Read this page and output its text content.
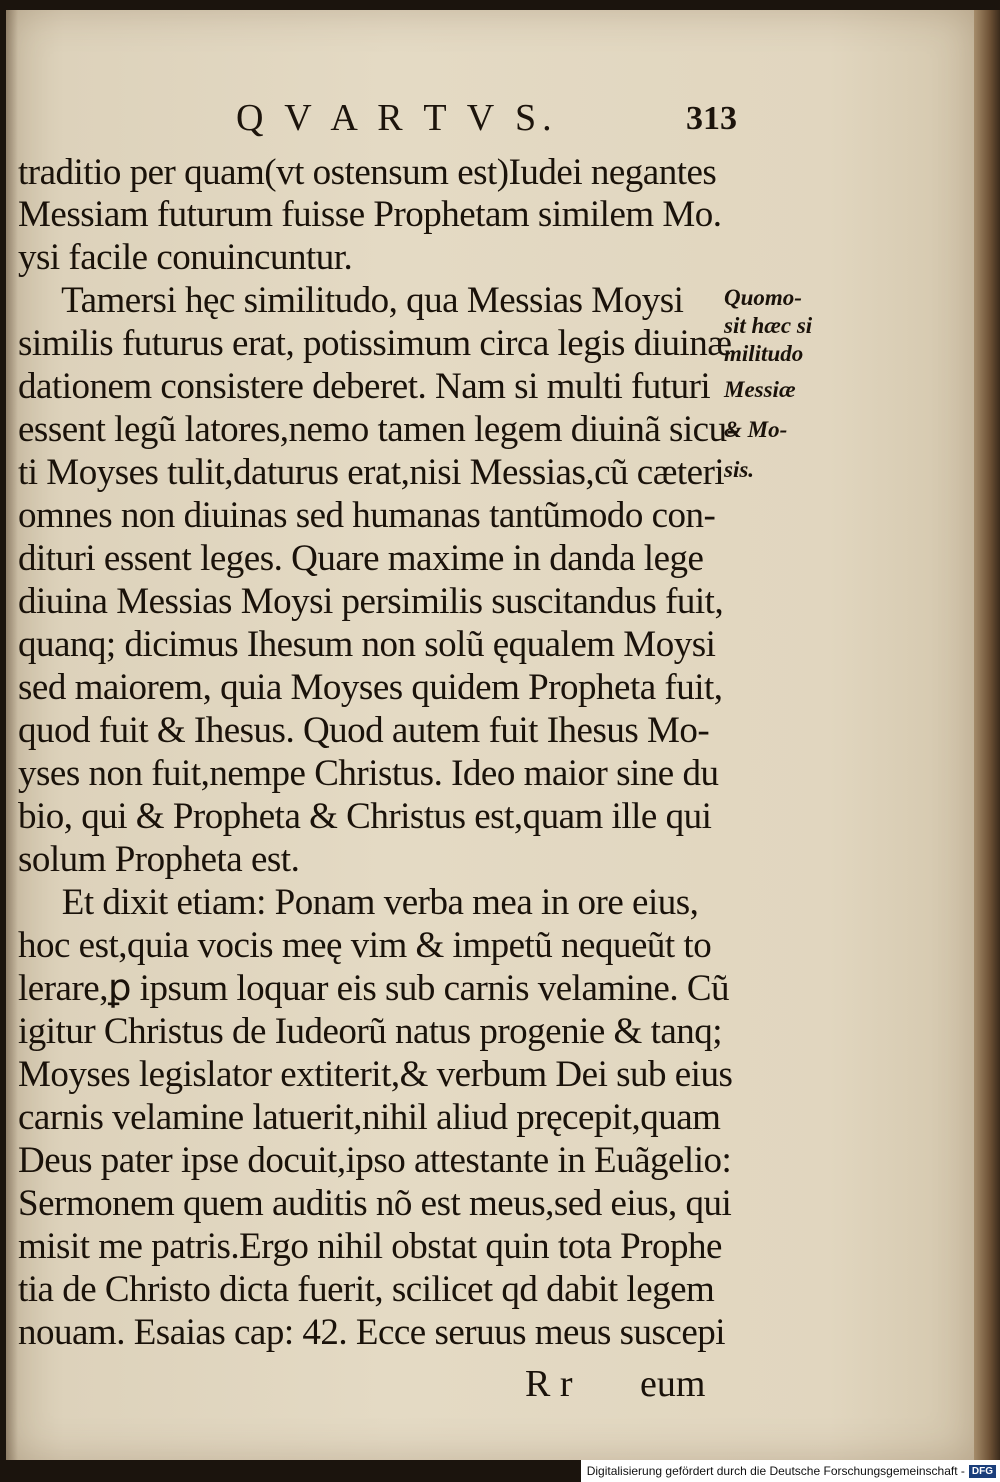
Q V A R T V S.	313
traditio per quam(vt ostensum est)Iudei negantes
Messiam futurum fuisse Prophetam similem Mo.
ysi facile conuincuntur.
Tamersi hęc similitudo, qua Messias Moysi
similis futurus erat, potissimum circa legis diuinæ
dationem consistere deberet. Nam si multi futuri
essent legũ latores,nemo tamen legem diuinã sicu-
ti Moyses tulit,daturus erat,nisi Messias,cũ cæteri
omnes non diuinas sed humanas tantũmodo con-
dituri essent leges. Quare maxime in danda lege
diuina Messias Moysi persimilis suscitandus fuit,
quanq; dicimus Ihesum non solũ ęqualem Moysi
sed maiorem, quia Moyses quidem Propheta fuit,
quod fuit & Ihesus. Quod autem fuit Ihesus Mo-
yses non fuit,nempe Christus. Ideo maior sine du
bio, qui & Propheta & Christus est,quam ille qui
solum Propheta est.
Et dixit etiam: Ponam verba mea in ore eius,
hoc est,quia vocis meę vim & impetũ nequeũt to
lerare,ꝑ ipsum loquar eis sub carnis velamine. Cũ
igitur Christus de Iudeorũ natus progenie & tanq;
Moyses legislator extiterit,& verbum Dei sub eius
carnis velamine latuerit,nihil aliud pręcepit,quam
Deus pater ipse docuit,ipso attestante in Euãgelio:
Sermonem quem auditis nõ est meus,sed eius, qui
misit me patris.Ergo nihil obstat quin tota Prophe
tia de Christo dicta fuerit, scilicet qd dabit legem
nouam. Esaias cap: 42. Ecce seruus meus suscepi
R r eum
Quomo-
sit hæc si
militudo
Messiæ
& Mo-
sis.
Digitalisierung gefördert durch die Deutsche Forschungsgemeinschaft - DFG
